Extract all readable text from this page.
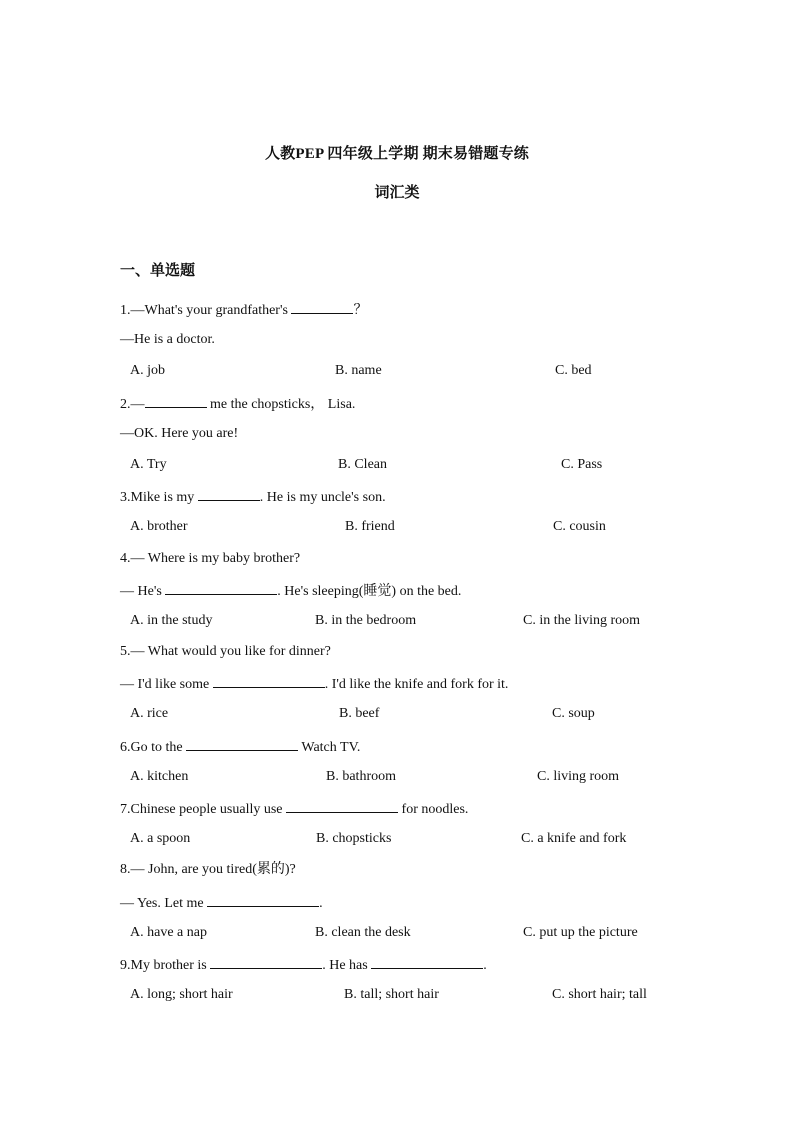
人教PEP 四年级上学期 期末易错题专练
词汇类
一、单选题
1.—What's your grandfather's	？
—He is a doctor.
A. job	B. name	C. bed
2.—	me the chopsticks， Lisa.
—OK. Here you are!
A. Try	B. Clean	C. Pass
3.Mike is my	. He is my uncle's son.
A. brother	B. friend	C. cousin
4.— Where is my baby brother?
— He's	. He's sleeping(睡觉) on the bed.
A. in the study	B. in the bedroom	C. in the living room
5.— What would you like for dinner?
— I'd like some	. I'd like the knife and fork for it.
A. rice	B. beef	C. soup
6.Go to the	Watch TV.
A. kitchen	B. bathroom	C. living room
7.Chinese people usually use	for noodles.
A. a spoon	B. chopsticks	C. a knife and fork
8.— John, are you tired(累的)?
— Yes. Let me	.
A. have a nap	B. clean the desk	C. put up the picture
9.My brother is	. He has	.
A. long; short hair	B. tall; short hair	C. short hair; tall
